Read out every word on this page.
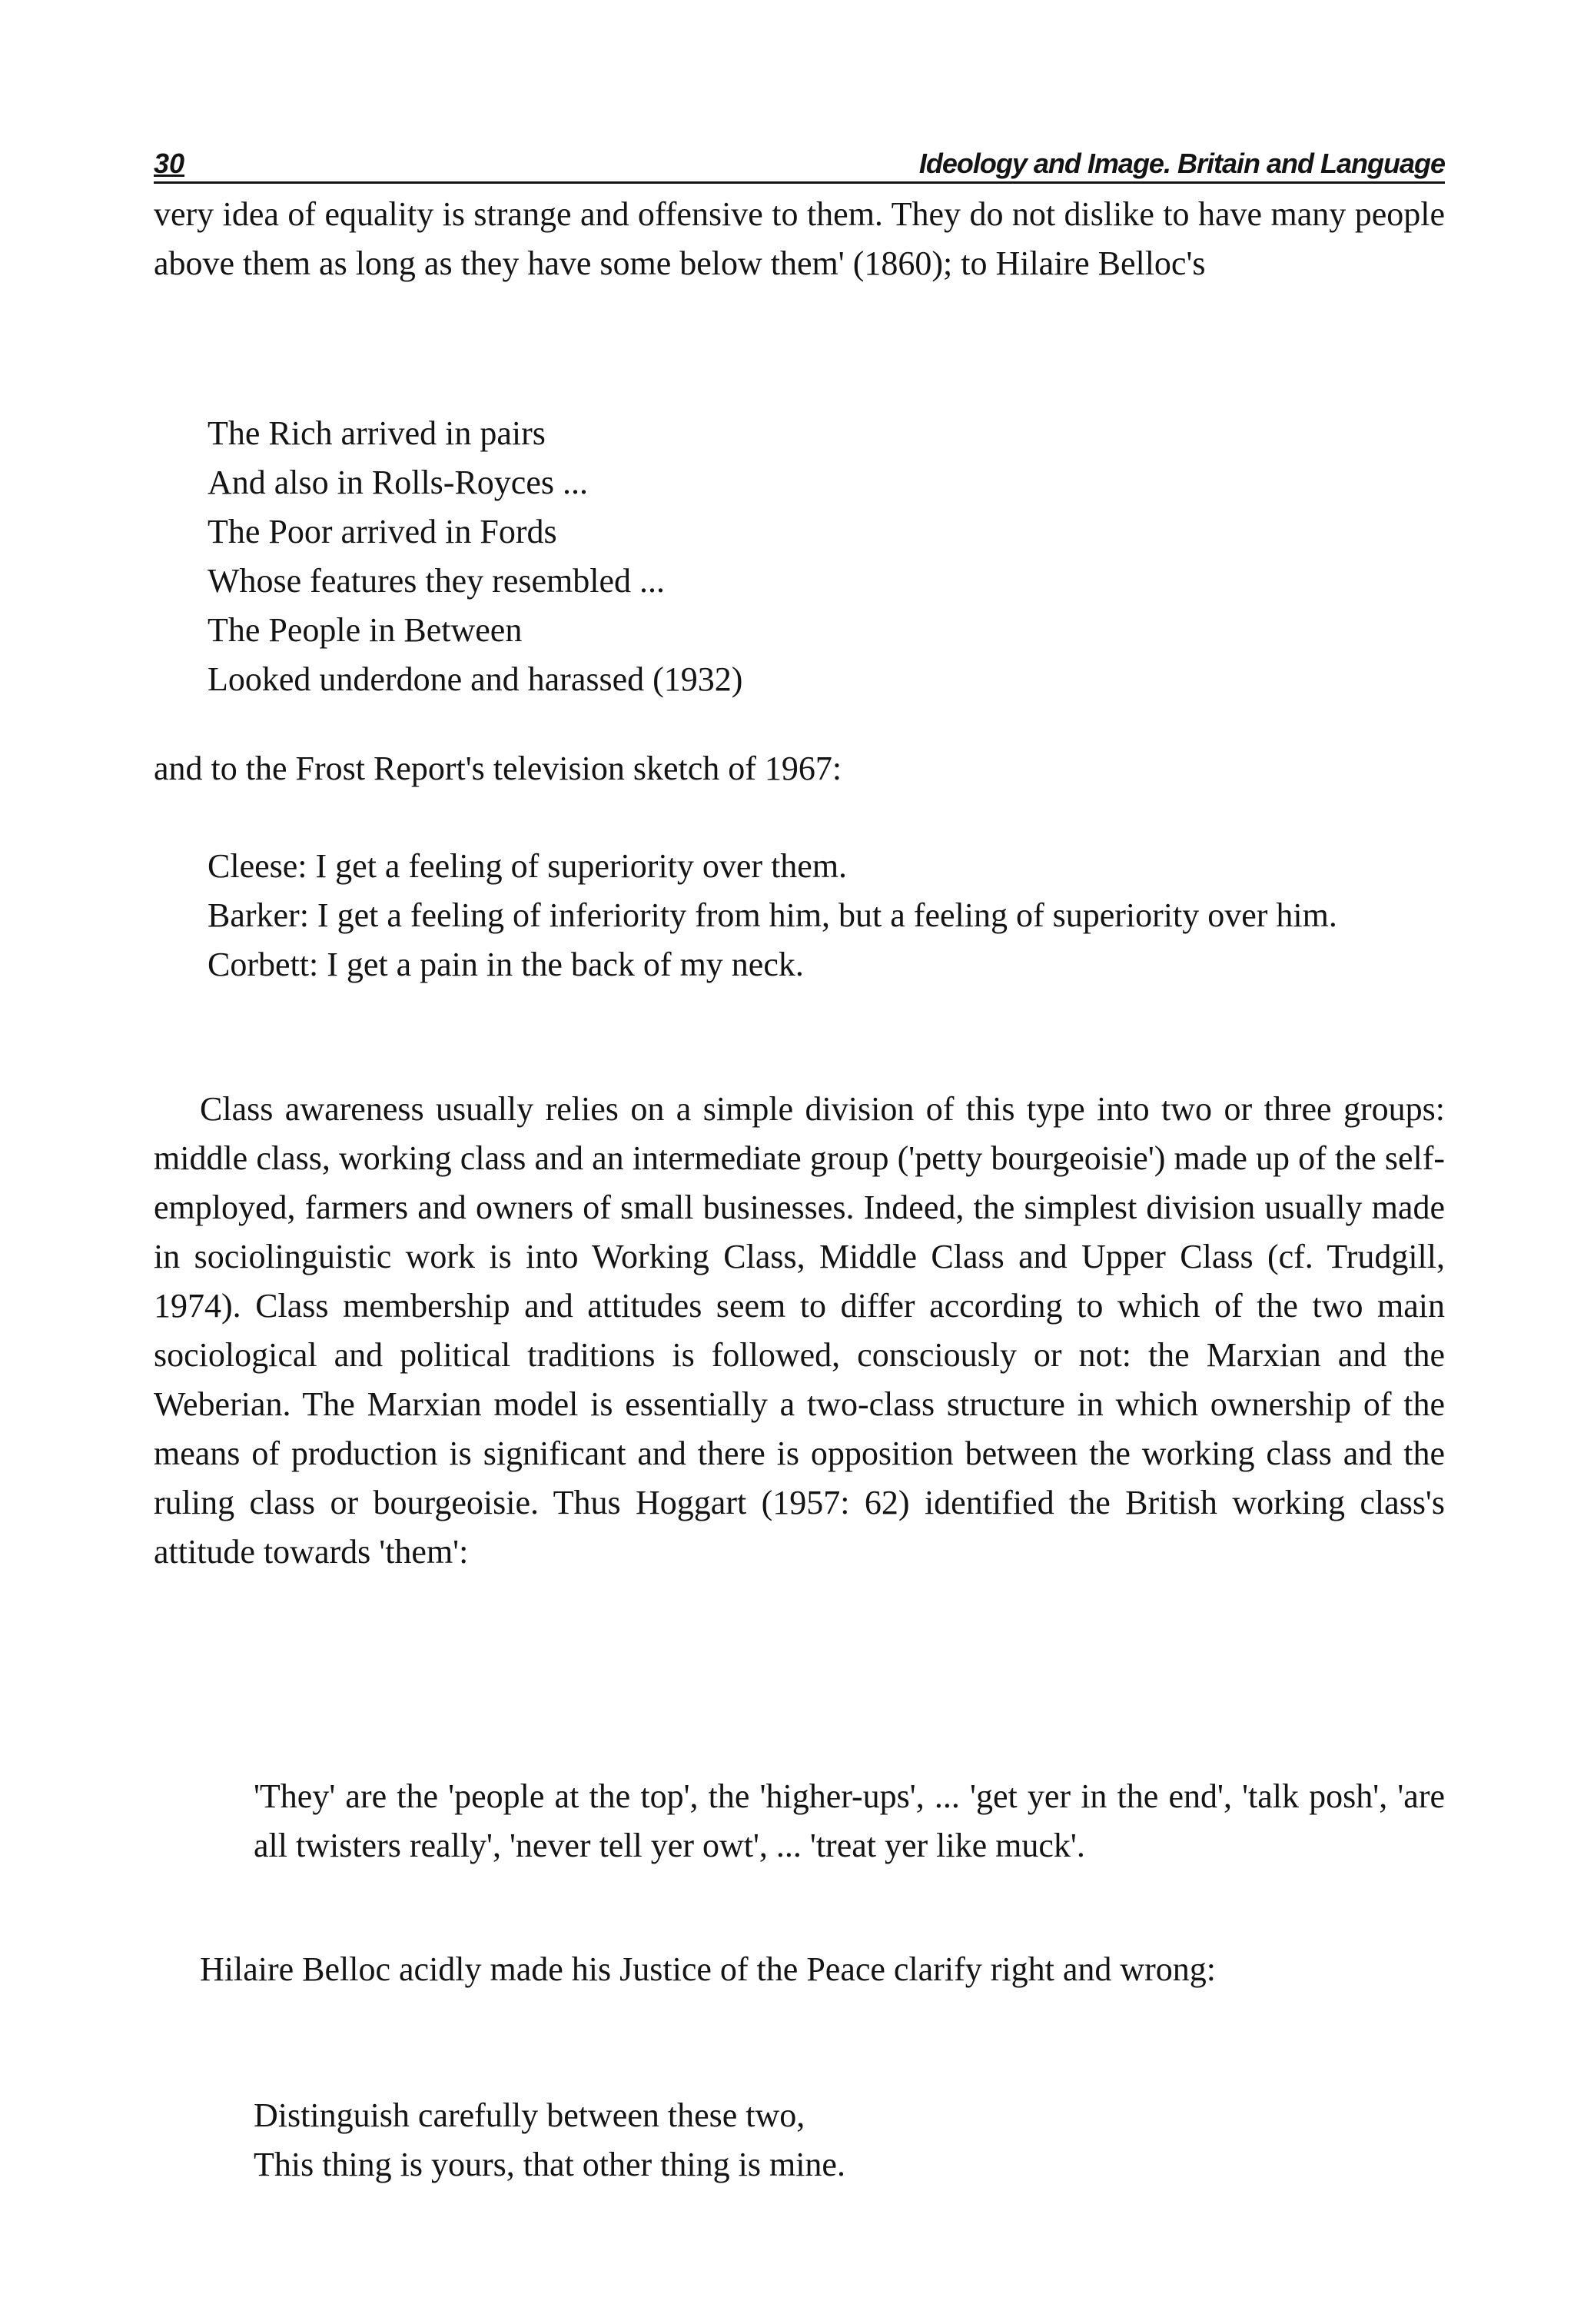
30	Ideology and Image. Britain and Language

very idea of equality is strange and offensive to them. They do not dislike to have many people above them as long as they have some below them' (1860); to Hilaire Belloc's

The Rich arrived in pairs
And also in Rolls-Royces ...
The Poor arrived in Fords
Whose features they resembled ...
The People in Between
Looked underdone and harassed (1932)

and to the Frost Report's television sketch of 1967:

Cleese: I get a feeling of superiority over them.
Barker: I get a feeling of inferiority from him, but a feeling of superiority over him.
Corbett: I get a pain in the back of my neck.

Class awareness usually relies on a simple division of this type into two or three groups: middle class, working class and an intermediate group ('petty bourgeoisie') made up of the self-employed, farmers and owners of small businesses. Indeed, the simplest division usually made in sociolinguistic work is into Working Class, Middle Class and Upper Class (cf. Trudgill, 1974). Class membership and attitudes seem to differ according to which of the two main sociological and political traditions is followed, consciously or not: the Marxian and the Weberian. The Marxian model is essentially a two-class structure in which ownership of the means of production is significant and there is opposition between the working class and the ruling class or bourgeoisie. Thus Hoggart (1957: 62) identified the British working class's attitude towards 'them':

'They' are the 'people at the top', the 'higher-ups', ... 'get yer in the end', 'talk posh', 'are all twisters really', 'never tell yer owt', ... 'treat yer like muck'.

Hilaire Belloc acidly made his Justice of the Peace clarify right and wrong:

Distinguish carefully between these two,
This thing is yours, that other thing is mine.
